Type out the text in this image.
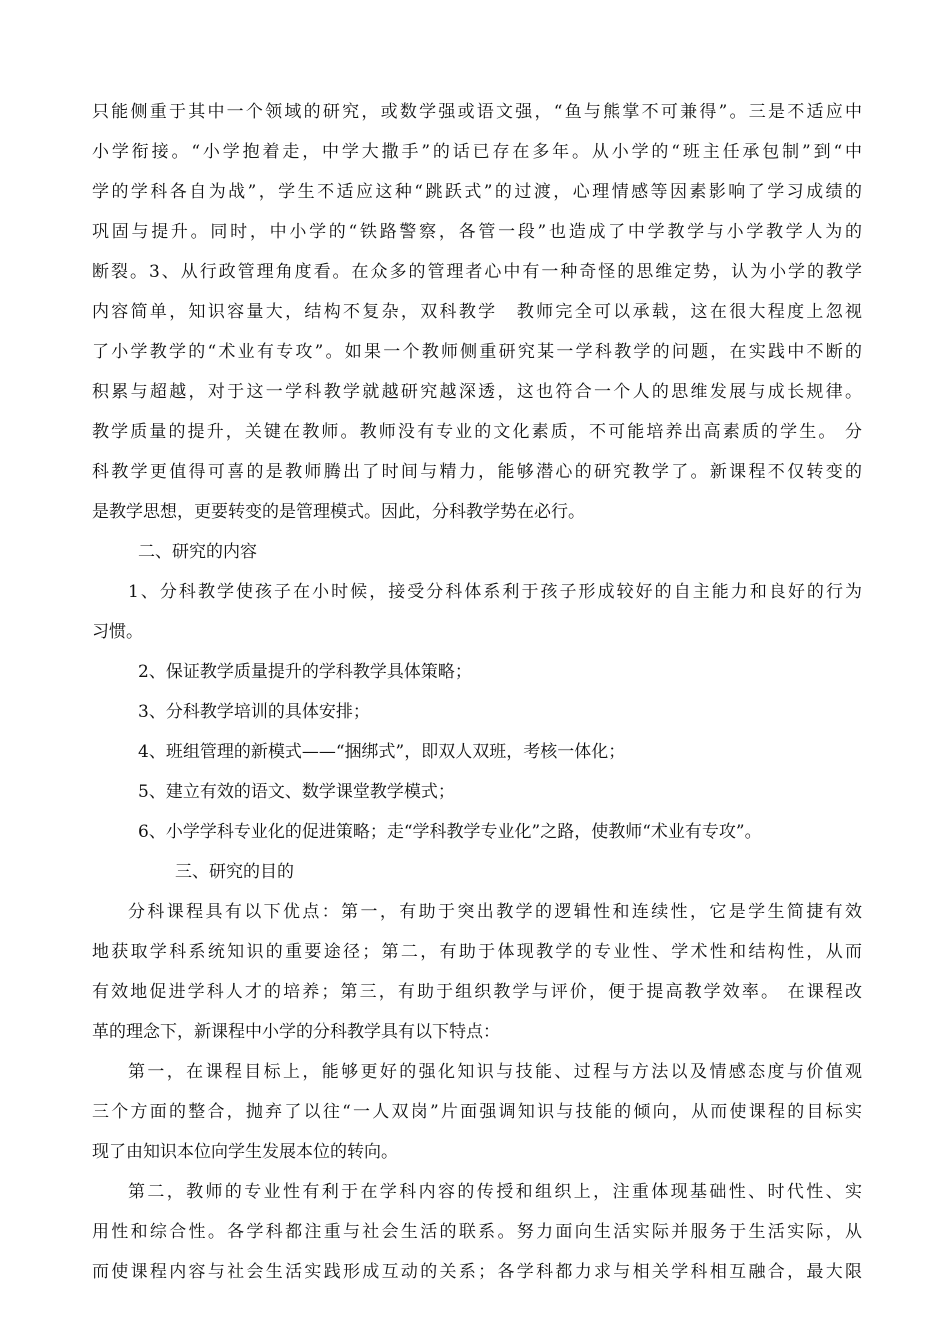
只能侧重于其中一个领域的研究，或数学强或语文强，“鱼与熊掌不可兼得”。三是不适应中
小学衔接。“小学抱着走，中学大撒手”的话已存在多年。从小学的“班主任承包制”到“中
学的学科各自为战”，学生不适应这种“跳跃式”的过渡，心理情感等因素影响了学习成绩的
巩固与提升。同时，中小学的“铁路警察，各管一段”也造成了中学教学与小学教学人为的
断裂。3、从行政管理角度看。在众多的管理者心中有一种奇怪的思维定势，认为小学的教学
内容简单，知识容量大，结构不复杂，双科教学　教师完全可以承载，这在很大程度上忽视
了小学教学的“术业有专攻”。如果一个教师侧重研究某一学科教学的问题，在实践中不断的
积累与超越，对于这一学科教学就越研究越深透，这也符合一个人的思维发展与成长规律。
教学质量的提升，关键在教师。教师没有专业的文化素质，不可能培养出高素质的学生。 分
科教学更值得可喜的是教师腾出了时间与精力，能够潜心的研究教学了。新课程不仅转变的
是教学思想，更要转变的是管理模式。因此，分科教学势在必行。
二、研究的内容
1、分科教学使孩子在小时候，接受分科体系利于孩子形成较好的自主能力和良好的行为
习惯。
2、保证教学质量提升的学科教学具体策略；
3、分科教学培训的具体安排；
4、班组管理的新模式——“捆绑式”，即双人双班，考核一体化；
5、建立有效的语文、数学课堂教学模式；
6、小学学科专业化的促进策略；走“学科教学专业化”之路，使教师“术业有专攻”。
三、研究的目的
分科课程具有以下优点：第一，有助于突出教学的逻辑性和连续性，它是学生简捷有效
地获取学科系统知识的重要途径；第二，有助于体现教学的专业性、学术性和结构性，从而
有效地促进学科人才的培养；第三，有助于组织教学与评价，便于提高教学效率。 在课程改
革的理念下，新课程中小学的分科教学具有以下特点：
第一，在课程目标上，能够更好的强化知识与技能、过程与方法以及情感态度与价值观
三个方面的整合，抛弃了以往“一人双岗”片面强调知识与技能的倾向，从而使课程的目标实
现了由知识本位向学生发展本位的转向。
第二，教师的专业性有利于在学科内容的传授和组织上，注重体现基础性、时代性、实
用性和综合性。各学科都注重与社会生活的联系。努力面向生活实际并服务于生活实际，从
而使课程内容与社会生活实践形成互动的关系；各学科都力求与相关学科相互融合，最大限
